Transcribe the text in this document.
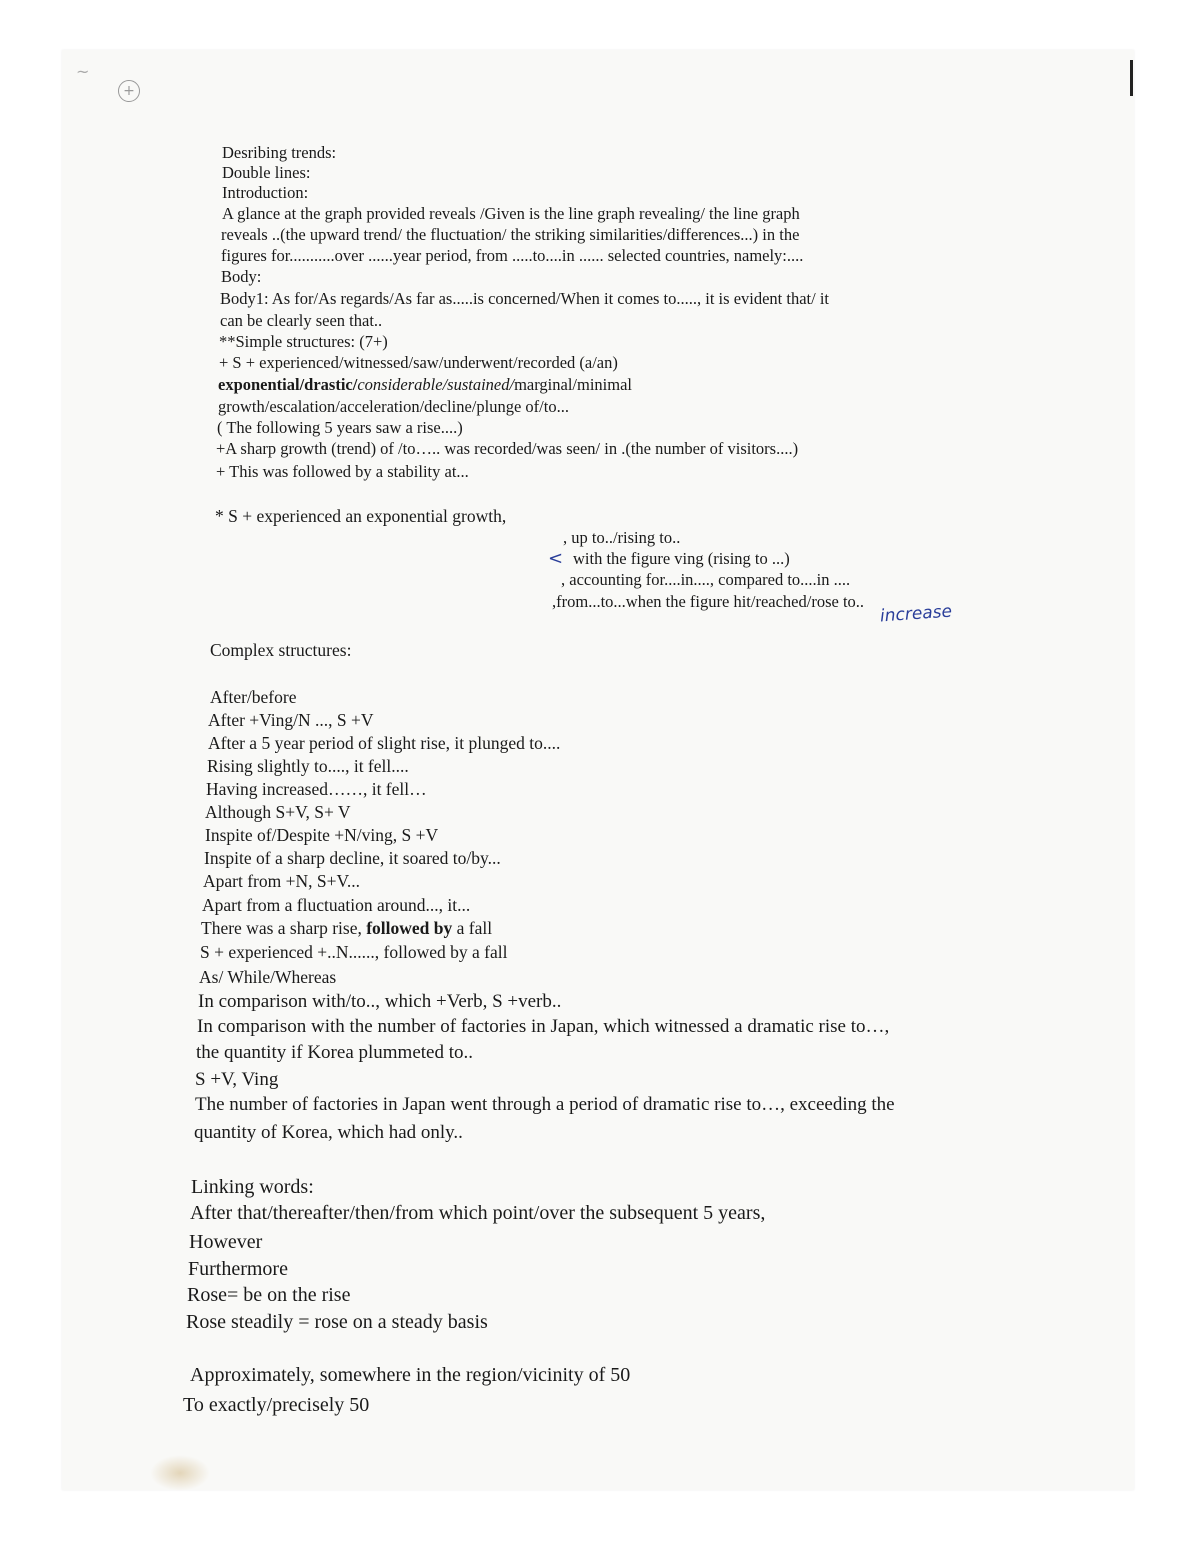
~
+
Desribing trends:
Double lines:
Introduction:
A glance at the graph provided reveals /Given is the line graph revealing/ the line graph
reveals ..(the upward trend/ the fluctuation/ the striking similarities/differences...) in the
figures for...........over ......year period, from .....to....in ...... selected countries, namely:....
Body:
Body1: As for/As regards/As far as.....is concerned/When it comes to....., it is evident that/ it
can be clearly seen that..
**Simple structures: (7+)
+ S + experienced/witnessed/saw/underwent/recorded (a/an)
exponential/drastic/considerable/sustained/marginal/minimal
growth/escalation/acceleration/decline/plunge of/to...
( The following 5 years saw a rise....)
+A sharp growth (trend) of /to….. was recorded/was seen/ in .(the number of visitors....)
+ This was followed by a stability at...
* S + experienced an exponential growth,
, up to../rising to..
< with the figure ving (rising to ...)
, accounting for....in...., compared to....in ....
,from...to...when the figure hit/reached/rose to..
increase
Complex structures:
After/before
After +Ving/N ..., S +V
After a 5 year period of slight rise, it plunged to....
Rising slightly to...., it fell....
Having increased……, it fell…
Although S+V, S+ V
Inspite of/Despite +N/ving, S +V
Inspite of a sharp decline, it soared to/by...
Apart from +N, S+V...
Apart from a fluctuation around..., it...
There was a sharp rise, followed by a fall
S + experienced +..N......, followed by a fall
As/ While/Whereas
In comparison with/to.., which +Verb, S +verb..
In comparison with the number of factories in Japan, which witnessed a dramatic rise to…,
the quantity if Korea plummeted to..
S +V, Ving
The number of factories in Japan went through a period of dramatic rise to…, exceeding the
quantity of Korea, which had only..
Linking words:
After that/thereafter/then/from which point/over the subsequent 5 years,
However
Furthermore
Rose= be on the rise
Rose steadily = rose on a steady basis
Approximately, somewhere in the region/vicinity of 50
To exactly/precisely 50
